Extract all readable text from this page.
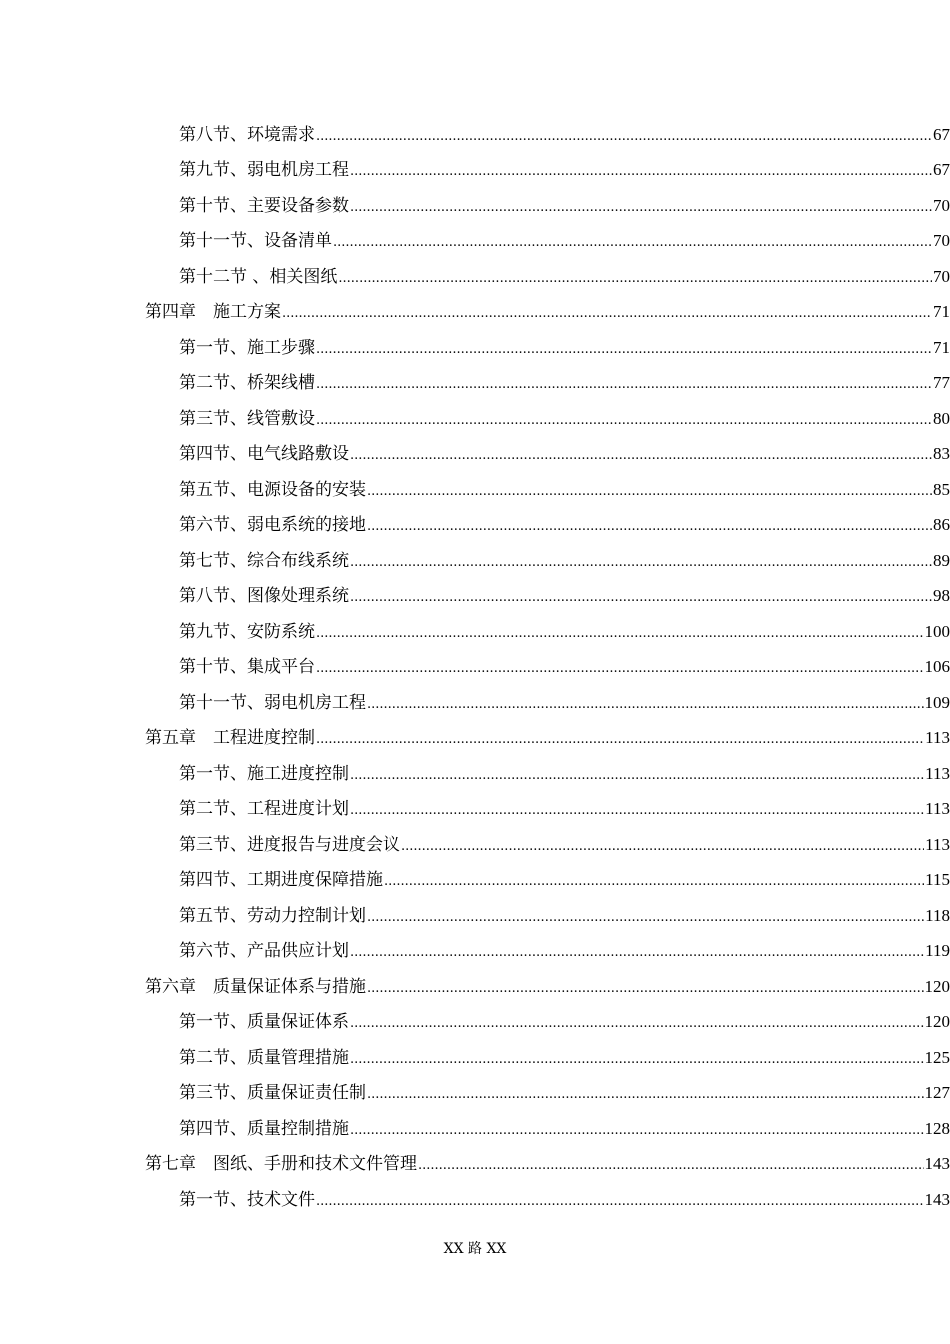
第八节、环境需求 .....	67
第九节、弱电机房工程 .....	67
第十节、主要设备参数 .....	70
第十一节、设备清单 .....	70
第十二节 、相关图纸 .....	70
第四章　施工方案 .....	71
第一节、施工步骤 .....	71
第二节、桥架线槽 .....	77
第三节、线管敷设 .....	80
第四节、电气线路敷设 .....	83
第五节、电源设备的安装 .....	85
第六节、弱电系统的接地 .....	86
第七节、综合布线系统 .....	89
第八节、图像处理系统 .....	98
第九节、安防系统 .....	100
第十节、集成平台 .....	106
第十一节、弱电机房工程 .....	109
第五章　工程进度控制 .....	113
第一节、施工进度控制 .....	113
第二节、工程进度计划 .....	113
第三节、进度报告与进度会议 .....	113
第四节、工期进度保障措施 .....	115
第五节、劳动力控制计划 .....	118
第六节、产品供应计划 .....	119
第六章　质量保证体系与措施 .....	120
第一节、质量保证体系 .....	120
第二节、质量管理措施 .....	125
第三节、质量保证责任制 .....	127
第四节、质量控制措施 .....	128
第七章　图纸、手册和技术文件管理 .....	143
第一节、技术文件 .....	143
XX 路 XX
